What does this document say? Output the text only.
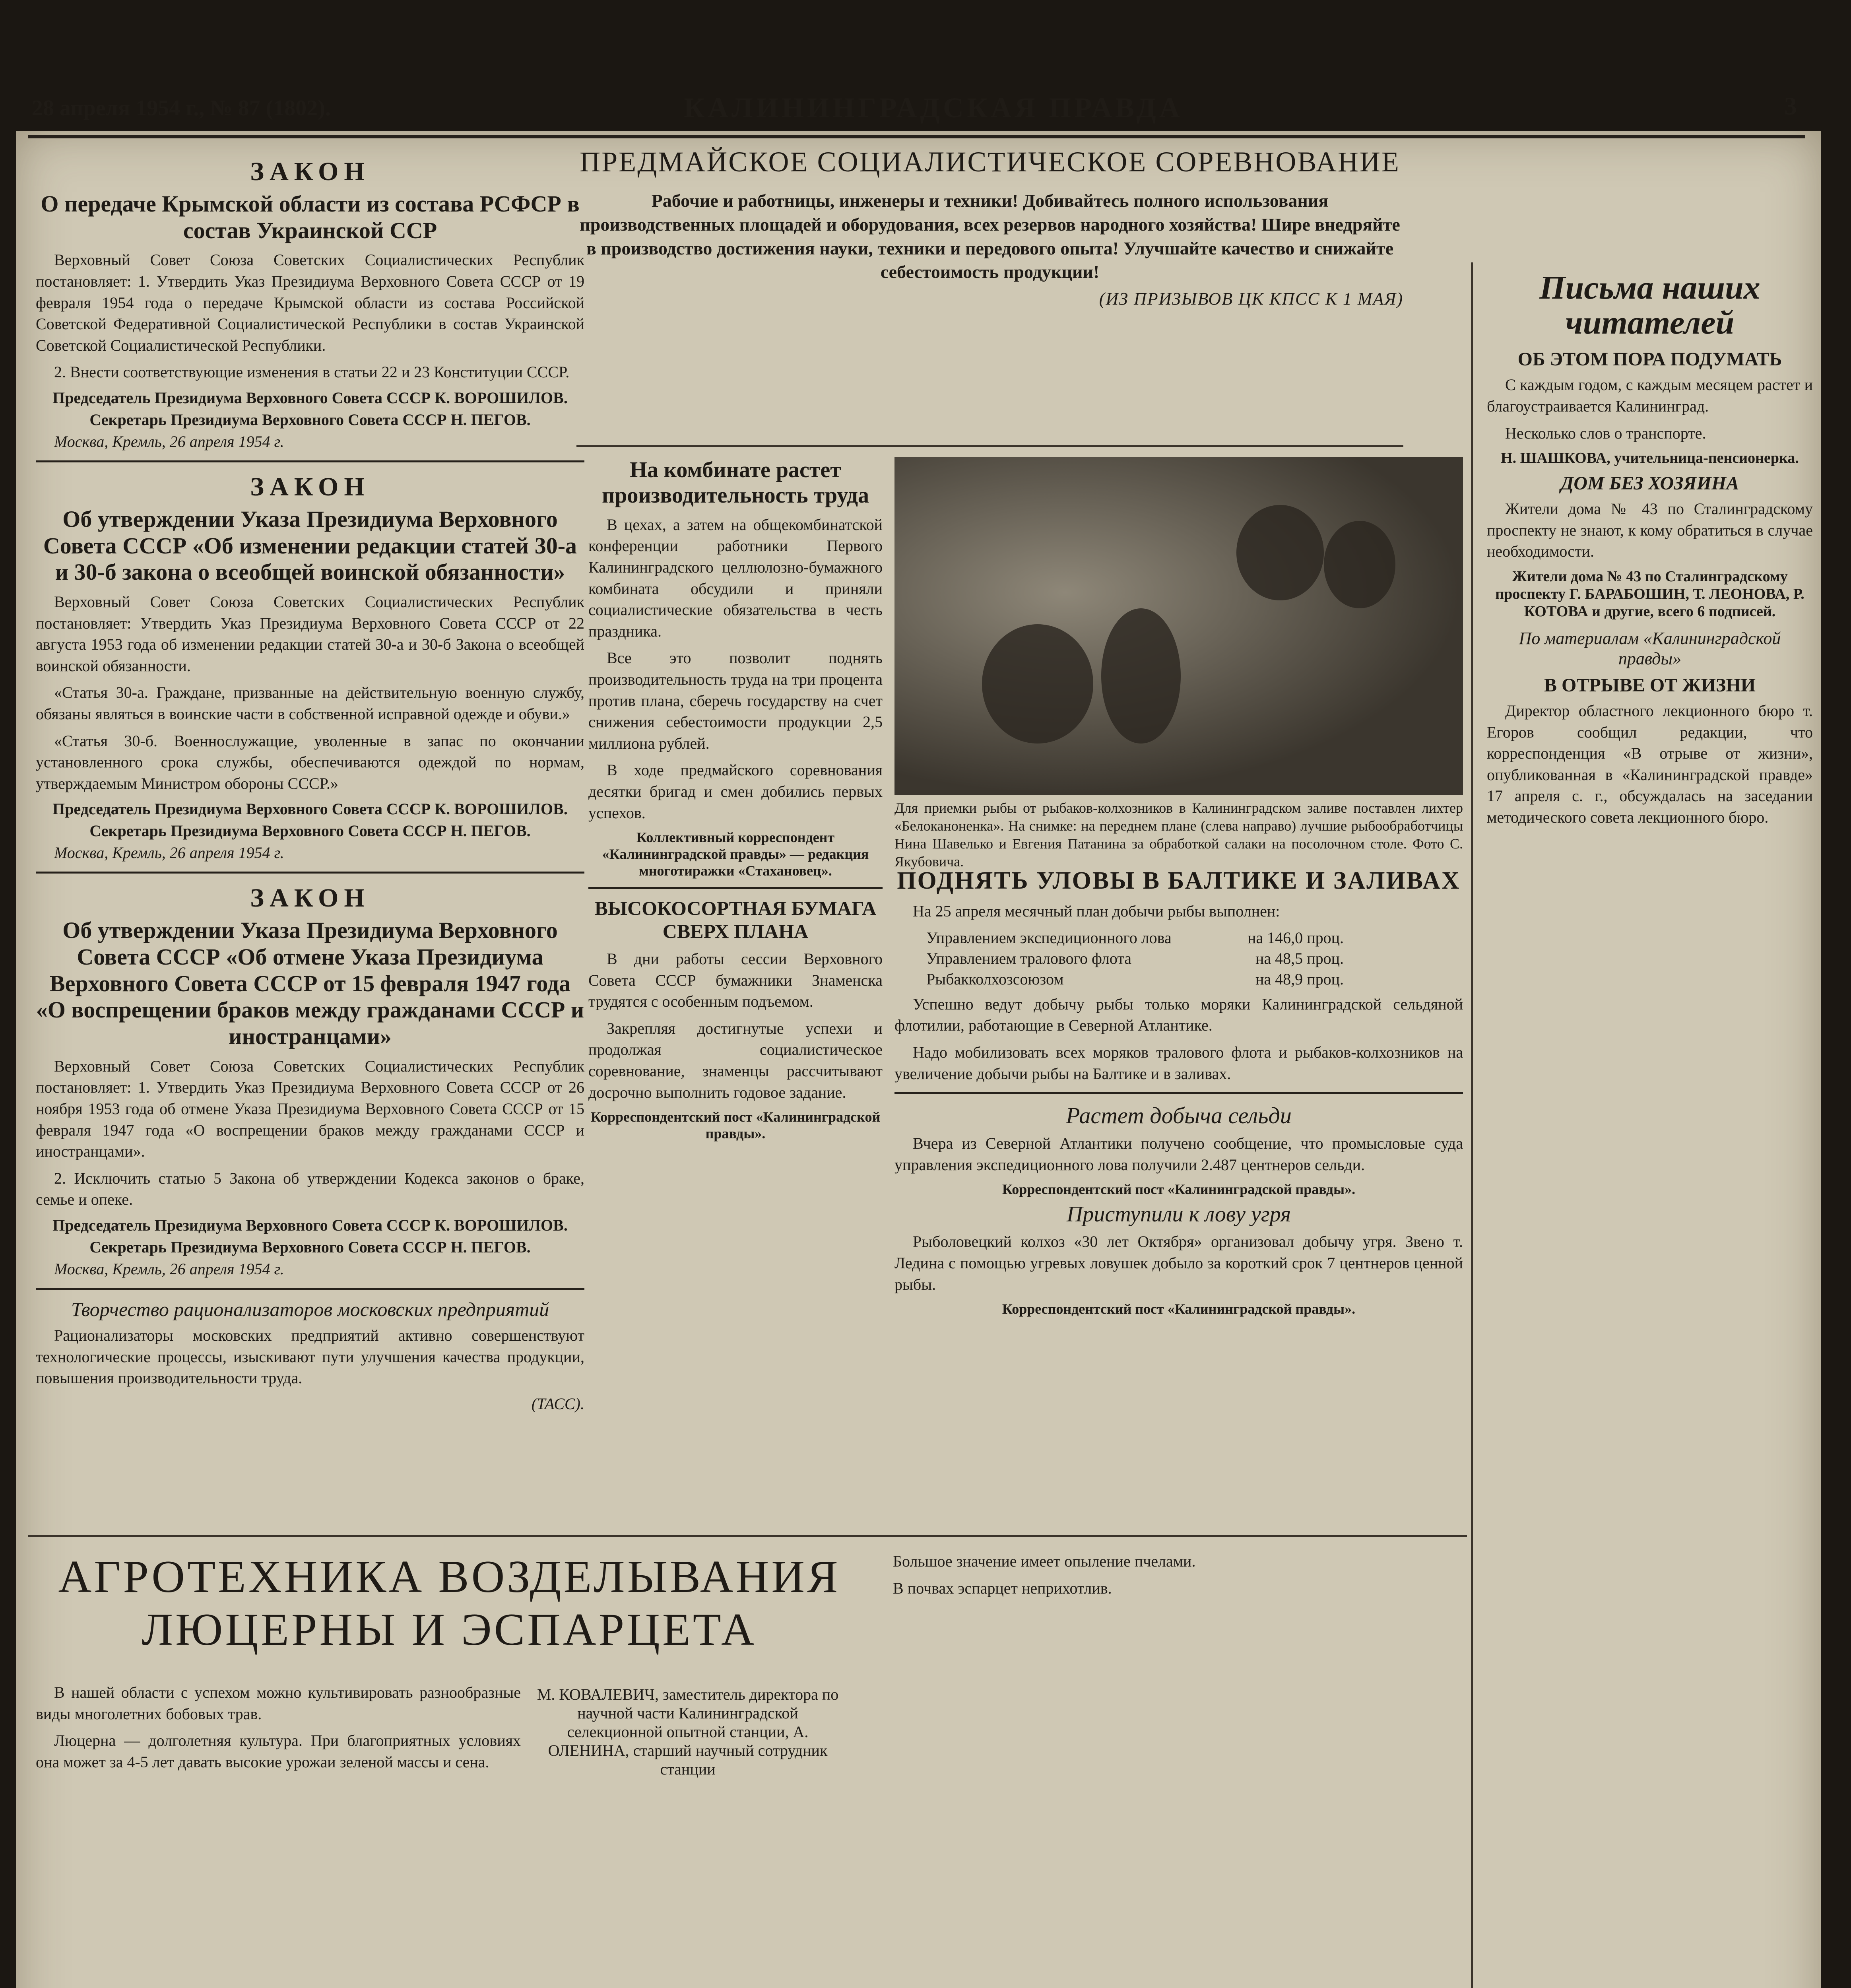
28 апреля 1954 г., № 87 (1802).	КАЛИНИНГРАДСКАЯ ПРАВДА	3
ЗАКОН
О передаче Крымской области из состава РСФСР в состав Украинской ССР

Верховный Совет Союза Советских Социалистических Республик постановляет: 1. Утвердить Указ Президиума Верховного Совета СССР от 19 февраля 1954 года о передаче Крымской области из состава Российской Советской Федеративной Социалистической Республики в состав Украинской Советской Социалистической Республики.

2. Внести соответствующие изменения в статьи 22 и 23 Конституции СССР.

Председатель Президиума Верховного Совета СССР К. ВОРОШИЛОВ.
Секретарь Президиума Верховного Совета СССР Н. ПЕГОВ.
Москва, Кремль, 26 апреля 1954 г.
ЗАКОН
Об утверждении Указа Президиума Верховного Совета СССР «Об изменении редакции статей 30-а и 30-б закона о всеобщей воинской обязанности»

Верховный Совет Союза Советских Социалистических Республик постановляет: Утвердить Указ Президиума Верховного Совета СССР от 22 августа 1953 года об изменении редакции статей 30-а и 30-б Закона о всеобщей воинской обязанности.

«Статья 30-а. Граждане, призванные на действительную военную службу, обязаны являться в воинские части в собственной исправной одежде и обуви.»

«Статья 30-б. Военнослужащие, уволенные в запас по окончании установленного срока службы, обеспечиваются одеждой по нормам, утверждаемым Министром обороны СССР.»

Председатель Президиума Верховного Совета СССР К. ВОРОШИЛОВ.
Секретарь Президиума Верховного Совета СССР Н. ПЕГОВ.
Москва, Кремль, 26 апреля 1954 г.
ЗАКОН
Об утверждении Указа Президиума Верховного Совета СССР «Об отмене Указа Президиума Верховного Совета СССР от 15 февраля 1947 года «О воспрещении браков между гражданами СССР и иностранцами»

Верховный Совет Союза Советских Социалистических Республик постановляет: 1. Утвердить Указ Президиума Верховного Совета СССР от 26 ноября 1953 года об отмене Указа Президиума Верховного Совета СССР от 15 февраля 1947 года «О воспрещении браков между гражданами СССР и иностранцами».

2. Исключить статью 5 Закона об утверждении Кодекса законов о браке, семье и опеке.

Председатель Президиума Верховного Совета СССР К. ВОРОШИЛОВ.
Секретарь Президиума Верховного Совета СССР Н. ПЕГОВ.
Москва, Кремль, 26 апреля 1954 г.
Творчество рационализаторов московских предприятий

Рационализаторы московских предприятий активно совершенствуют технологические процессы, изыскивают пути улучшения качества продукции, повышения производительности труда.

(ТАСС).
ПРЕДМАЙСКОЕ СОЦИАЛИСТИЧЕСКОЕ СОРЕВНОВАНИЕ
Рабочие и работницы, инженеры и техники! Добивайтесь полного использования производственных площадей и оборудования, всех резервов народного хозяйства! Шире внедряйте в производство достижения науки, техники и передового опыта! Улучшайте качество и снижайте себестоимость продукции!
(ИЗ ПРИЗЫВОВ ЦК КПСС К 1 МАЯ)
На комбинате растет производительность труда

В цехах, а затем на общекомбинатской конференции работники Первого Калининградского целлюлозно-бумажного комбината обсудили и приняли социалистические обязательства в честь праздника.

Все это позволит поднять производительность труда на три процента против плана, сберечь государству на счет снижения себестоимости продукции 2,5 миллиона рублей.

В ходе предмайского соревнования десятки бригад и смен добились первых успехов.

Коллективный корреспондент «Калининградской правды» — редакция многотиражки «Стахановец».
ВЫСОКОСОРТНАЯ БУМАГА СВЕРХ ПЛАНА

В дни работы сессии Верховного Совета СССР бумажники Знаменска трудятся с особенным подъемом.

Закрепляя достигнутые успехи и продолжая социалистическое соревнование, знаменцы рассчитывают досрочно выполнить годовое задание.

Корреспондентский пост «Калининградской правды».
Для приемки рыбы от рыбаков-колхозников в Калининградском заливе поставлен лихтер «Белоканоненка». На снимке: на переднем плане (слева направо) лучшие рыбообработчицы Нина Шавелько и Евгения Патанина за обработкой салаки на посолочном столе. Фото С. Якубовича.
ПОДНЯТЬ УЛОВЫ В БАЛТИКЕ И ЗАЛИВАХ

На 25 апреля месячный план добычи рыбы выполнен:

Управлением экспедиционного лова	на 146,0 проц.
Управлением тралового флота	на 48,5 проц.
Рыбакколхозсоюзом	на 48,9 проц.

Успешно ведут добычу рыбы только моряки Калининградской сельдяной флотилии, работающие в Северной Атлантике.

Надо мобилизовать всех моряков тралового флота и рыбаков-колхозников на увеличение добычи рыбы на Балтике и в заливах.

Растет добыча сельди

Вчера из Северной Атлантики получено сообщение, что промысловые суда управления экспедиционного лова получили 2.487 центнеров сельди.

Корреспондентский пост «Калининградской правды».
Приступили к лову угря

Рыболовецкий колхоз «30 лет Октября» организовал добычу угря. Звено т. Ледина с помощью угревых ловушек добыло за короткий срок 7 центнеров ценной рыбы.

Корреспондентский пост «Калининградской правды».
АГРОТЕХНИКА ВОЗДЕЛЫВАНИЯ ЛЮЦЕРНЫ И ЭСПАРЦЕТА
М. КОВАЛЕВИЧ, заместитель директора по научной части Калининградской селекционной опытной станции, А. ОЛЕНИНА, старший научный сотрудник станции

В нашей области с успехом можно культивировать разнообразные виды многолетних бобовых трав.

Люцерна — долголетняя культура. При благоприятных условиях она может за 4-5 лет давать высокие урожаи зеленой массы и сена.

Большое значение имеет опыление пчелами.

В почвах эспарцет неприхотлив.

Письма наших читателей
ОБ ЭТОМ ПОРА ПОДУМАТЬ

С каждым годом, с каждым месяцем растет и благоустраивается Калининград.

Несколько слов о транспорте.

Н. ШАШКОВА, учительница-пенсионерка.
ДОМ БЕЗ ХОЗЯИНА

Жители дома № 43 по Сталинградскому проспекту не знают, к кому обратиться в случае необходимости.

Жители дома № 43 по Сталинградскому проспекту Г. БАРАБОШИН, Т. ЛЕОНОВА, Р. КОТОВА и другие, всего 6 подписей.
По материалам «Калининградской правды»
В ОТРЫВЕ ОТ ЖИЗНИ

Директор областного лекционного бюро т. Егоров сообщил редакции, что корреспонденция «В отрыве от жизни», опубликованная в «Калининградской правде» 17 апреля с. г., обсуждалась на заседании методического совета лекционного бюро.
